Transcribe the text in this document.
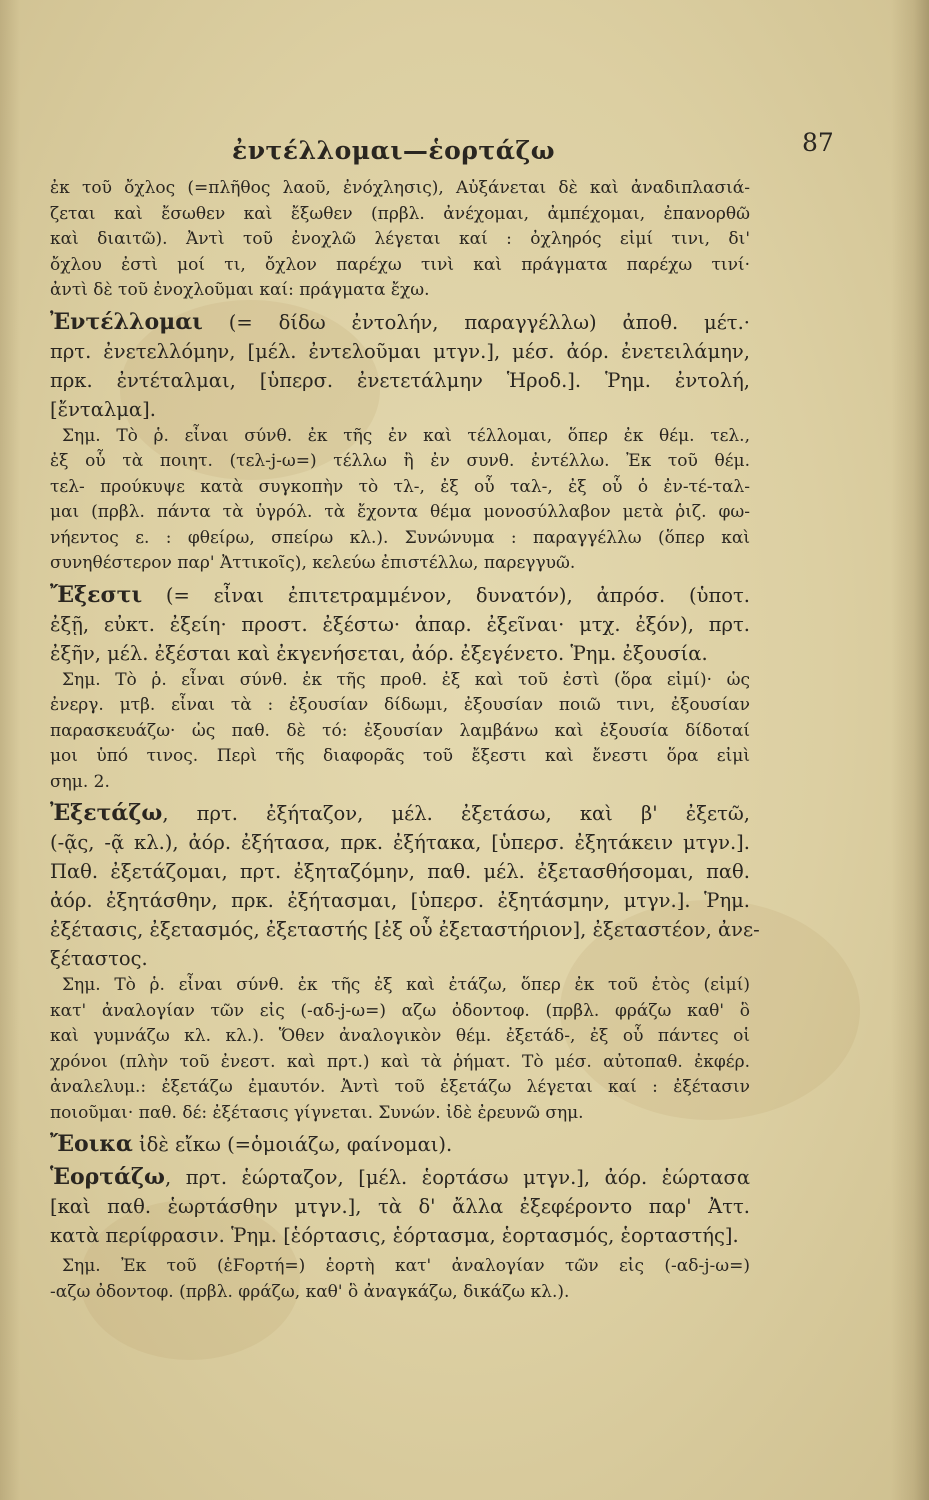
ἐντέλλομαι—ἑορτάζω	87
ἐκ τοῦ ὄχλος (=πλῆθος λαοῦ, ἐνόχλησις), Αὐξάνεται δὲ καὶ ἀναδιπλασιά-
ζεται καὶ ἔσωθεν καὶ ἔξωθεν (πρβλ. ἀνέχομαι, ἀμπέχομαι, ἐπανορθῶ
καὶ διαιτῶ). Ἀντὶ τοῦ ἐνοχλῶ λέγεται καί : ὀχληρός εἰμί τινι, δι'
ὄχλου ἐστὶ μοί τι, ὄχλον παρέχω τινὶ καὶ πράγματα παρέχω τινί·
ἀντὶ δὲ τοῦ ἐνοχλοῦμαι καί: πράγματα ἔχω.
Ἐντέλλομαι (= δίδω ἐντολήν, παραγγέλλω) ἀποθ. μέτ.·
πρτ. ἐνετελλόμην, [μέλ. ἐντελοῦμαι μτγν.], μέσ. ἀόρ. ἐνετειλάμην,
πρκ. ἐντέταλμαι, [ὑπερσ. ἐνετετάλμην Ἡροδ.]. Ῥημ. ἐντολή,
[ἔνταλμα].
Σημ. Τὸ ῥ. εἶναι σύνθ. ἐκ τῆς ἐν καὶ τέλλομαι, ὅπερ ἐκ θέμ. τελ.,
ἐξ οὗ τὰ ποιητ. (τελ-j-ω=) τέλλω ἢ ἐν συνθ. ἐντέλλω. Ἐκ τοῦ θέμ.
τελ- προύκυψε κατὰ συγκοπὴν τὸ τλ-, ἐξ οὗ ταλ-, ἐξ οὗ ὁ ἐν-τέ-ταλ-
μαι (πρβλ. πάντα τὰ ὑγρόλ. τὰ ἔχοντα θέμα μονοσύλλαβον μετὰ ῥιζ. φω-
νήεντος ε. : φθείρω, σπείρω κλ.). Συνώνυμα : παραγγέλλω (ὅπερ καὶ
συνηθέστερον παρ' Ἀττικοῖς), κελεύω ἐπιστέλλω, παρεγγυῶ.
Ἔξεστι (= εἶναι ἐπιτετραμμένον, δυνατόν), ἀπρόσ. (ὑποτ.
ἐξῇ, εὐκτ. ἐξείη· προστ. ἐξέστω· ἀπαρ. ἐξεῖναι· μτχ. ἐξόν), πρτ.
ἐξῆν, μέλ. ἐξέσται καὶ ἐκγενήσεται, ἀόρ. ἐξεγένετο. Ῥημ. ἐξουσία.
Σημ. Τὸ ῥ. εἶναι σύνθ. ἐκ τῆς προθ. ἐξ καὶ τοῦ ἐστὶ (ὅρα εἰμί)· ὡς
ἐνεργ. μτβ. εἶναι τὰ : ἐξουσίαν δίδωμι, ἐξουσίαν ποιῶ τινι, ἐξουσίαν
παρασκευάζω· ὡς παθ. δὲ τό: ἐξουσίαν λαμβάνω καὶ ἐξουσία δίδοταί
μοι ὑπό τινος. Περὶ τῆς διαφορᾶς τοῦ ἔξεστι καὶ ἔνεστι ὅρα εἰμὶ
σημ. 2.
Ἐξετάζω, πρτ. ἐξήταζον, μέλ. ἐξετάσω, καὶ β' ἐξετῶ,
(-ᾷς, -ᾷ κλ.), ἀόρ. ἐξήτασα, πρκ. ἐξήτακα, [ὑπερσ. ἐξητάκειν μτγν.].
Παθ. ἐξετάζομαι, πρτ. ἐξηταζόμην, παθ. μέλ. ἐξετασθήσομαι, παθ.
ἀόρ. ἐξητάσθην, πρκ. ἐξήτασμαι, [ὑπερσ. ἐξητάσμην, μτγν.]. Ῥημ.
ἐξέτασις, ἐξετασμός, ἐξεταστής [ἐξ οὗ ἐξεταστήριον], ἐξεταστέον, ἀνε-
ξέταστος.
Σημ. Τὸ ῥ. εἶναι σύνθ. ἐκ τῆς ἐξ καὶ ἐτάζω, ὅπερ ἐκ τοῦ ἐτὸς (εἰμί)
κατ' ἀναλογίαν τῶν εἰς (-αδ-j-ω=) αζω ὀδοντοφ. (πρβλ. φράζω καθ' ὃ
καὶ γυμνάζω κλ. κλ.). Ὅθεν ἀναλογικὸν θέμ. ἐξετάδ-, ἐξ οὗ πάντες οἱ
χρόνοι (πλὴν τοῦ ἐνεστ. καὶ πρτ.) καὶ τὰ ῥήματ. Τὸ μέσ. αὐτοπαθ. ἐκφέρ.
ἀναλελυμ.: ἐξετάζω ἐμαυτόν. Ἀντὶ τοῦ ἐξετάζω λέγεται καί : ἐξέτασιν
ποιοῦμαι· παθ. δέ: ἐξέτασις γίγνεται. Συνών. ἰδὲ ἐρευνῶ σημ.
Ἔοικα ἰδὲ εἴκω (=ὁμοιάζω, φαίνομαι).
Ἑορτάζω, πρτ. ἑώρταζον, [μέλ. ἑορτάσω μτγν.], ἀόρ. ἑώρτασα
[καὶ παθ. ἑωρτάσθην μτγν.], τὰ δ' ἄλλα ἐξεφέροντο παρ' Ἀττ.
κατὰ περίφρασιν. Ῥημ. [ἑόρτασις, ἑόρτασμα, ἑορτασμός, ἑορταστής].
Σημ. Ἐκ τοῦ (ἑϜορτή=) ἑορτὴ κατ' ἀναλογίαν τῶν εἰς (-αδ-j-ω=)
-αζω ὀδοντοφ. (πρβλ. φράζω, καθ' ὃ ἀναγκάζω, δικάζω κλ.).
